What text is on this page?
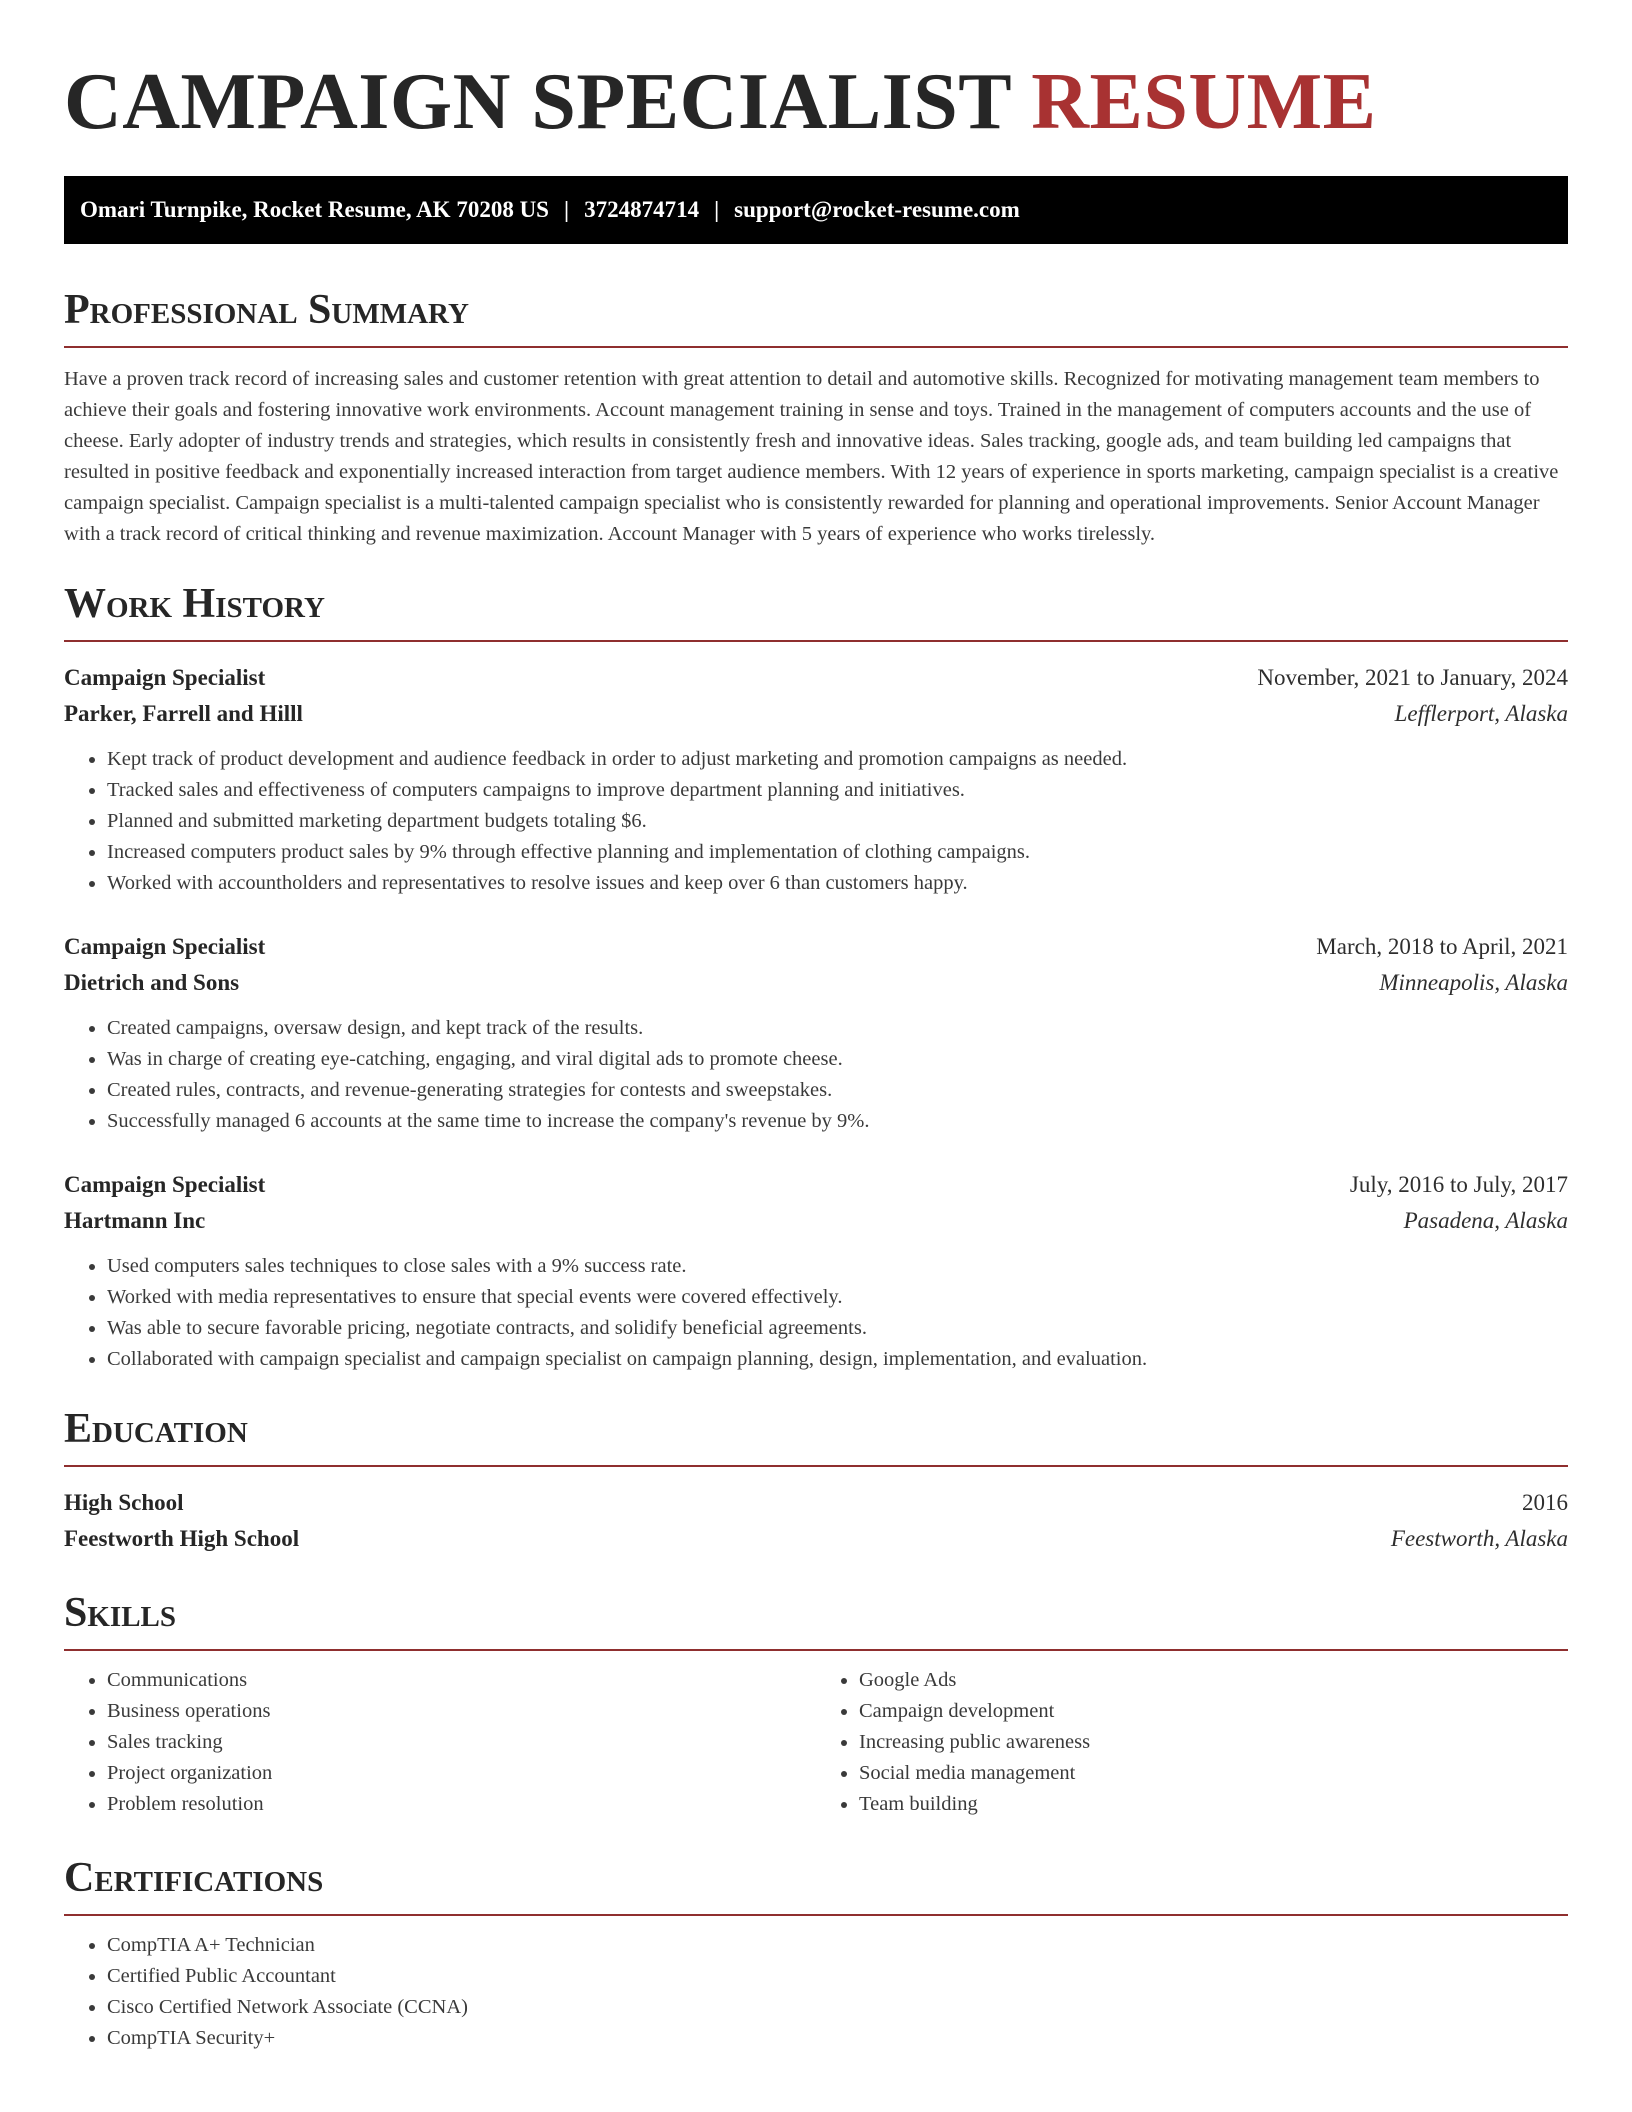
CAMPAIGN SPECIALIST RESUME
Omari Turnpike, Rocket Resume, AK 70208 US | 3724874714 | support@rocket-resume.com
Professional Summary

Have a proven track record of increasing sales and customer retention with great attention to detail and automotive skills. Recognized for motivating management team members to achieve their goals and fostering innovative work environments. Account management training in sense and toys. Trained in the management of computers accounts and the use of cheese. Early adopter of industry trends and strategies, which results in consistently fresh and innovative ideas. Sales tracking, google ads, and team building led campaigns that resulted in positive feedback and exponentially increased interaction from target audience members. With 12 years of experience in sports marketing, campaign specialist is a creative campaign specialist. Campaign specialist is a multi-talented campaign specialist who is consistently rewarded for planning and operational improvements. Senior Account Manager with a track record of critical thinking and revenue maximization. Account Manager with 5 years of experience who works tirelessly.

Work History
Campaign Specialist	November, 2021 to January, 2024
Parker, Farrell and Hilll	Lefflerport, Alaska
• Kept track of product development and audience feedback in order to adjust marketing and promotion campaigns as needed.
• Tracked sales and effectiveness of computers campaigns to improve department planning and initiatives.
• Planned and submitted marketing department budgets totaling $6.
• Increased computers product sales by 9% through effective planning and implementation of clothing campaigns.
• Worked with accountholders and representatives to resolve issues and keep over 6 than customers happy.
Campaign Specialist	March, 2018 to April, 2021
Dietrich and Sons	Minneapolis, Alaska
• Created campaigns, oversaw design, and kept track of the results.
• Was in charge of creating eye-catching, engaging, and viral digital ads to promote cheese.
• Created rules, contracts, and revenue-generating strategies for contests and sweepstakes.
• Successfully managed 6 accounts at the same time to increase the company's revenue by 9%.
Campaign Specialist	July, 2016 to July, 2017
Hartmann Inc	Pasadena, Alaska
• Used computers sales techniques to close sales with a 9% success rate.
• Worked with media representatives to ensure that special events were covered effectively.
• Was able to secure favorable pricing, negotiate contracts, and solidify beneficial agreements.
• Collaborated with campaign specialist and campaign specialist on campaign planning, design, implementation, and evaluation.
Education
High School	2016
Feestworth High School	Feestworth, Alaska
Skills
• Communications
• Business operations
• Sales tracking
• Project organization
• Problem resolution
• Google Ads
• Campaign development
• Increasing public awareness
• Social media management
• Team building
Certifications
• CompTIA A+ Technician
• Certified Public Accountant
• Cisco Certified Network Associate (CCNA)
• CompTIA Security+
